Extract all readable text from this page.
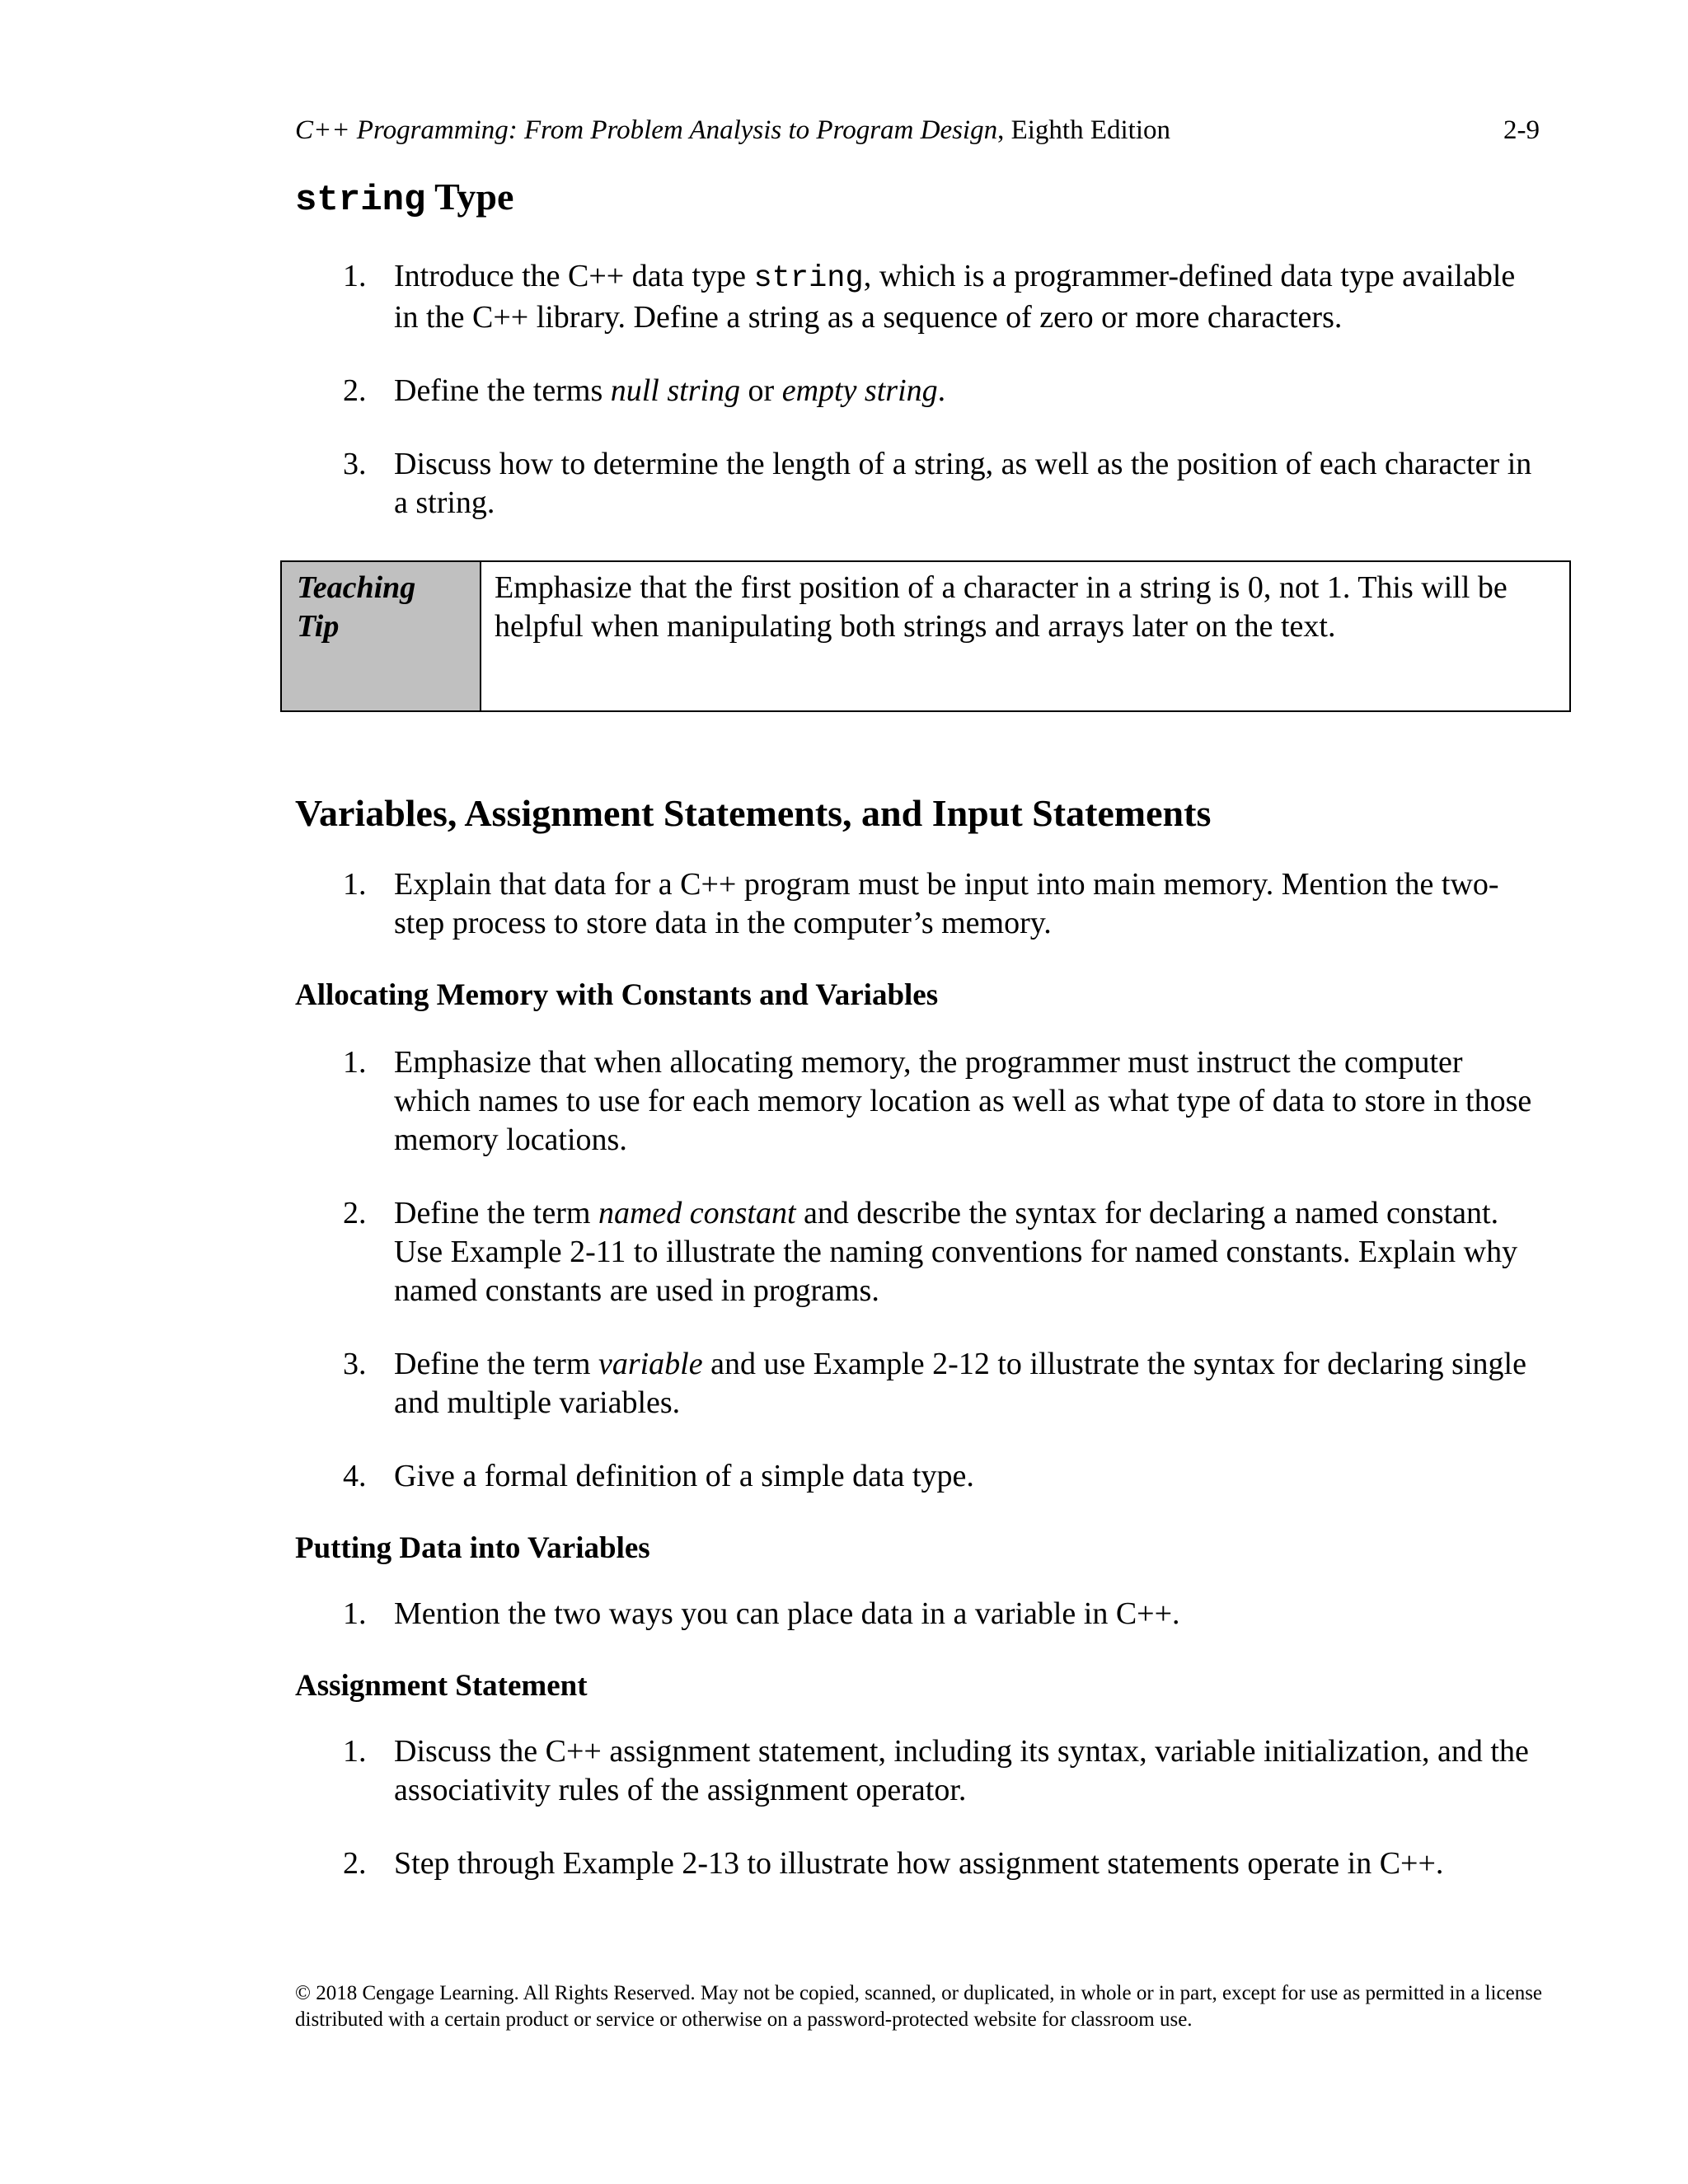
C++ Programming: From Problem Analysis to Program Design, Eighth Edition	2-9
string Type
1. Introduce the C++ data type string, which is a programmer-defined data type available in the C++ library. Define a string as a sequence of zero or more characters.
2. Define the terms null string or empty string.
3. Discuss how to determine the length of a string, as well as the position of each character in a string.
Teaching
Tip
Emphasize that the first position of a character in a string is 0, not 1. This will be helpful when manipulating both strings and arrays later on the text.
Variables, Assignment Statements, and Input Statements
1. Explain that data for a C++ program must be input into main memory. Mention the two-step process to store data in the computer’s memory.
Allocating Memory with Constants and Variables
1. Emphasize that when allocating memory, the programmer must instruct the computer which names to use for each memory location as well as what type of data to store in those memory locations.
2. Define the term named constant and describe the syntax for declaring a named constant. Use Example 2-11 to illustrate the naming conventions for named constants. Explain why named constants are used in programs.
3. Define the term variable and use Example 2-12 to illustrate the syntax for declaring single and multiple variables.
4. Give a formal definition of a simple data type.
Putting Data into Variables
1. Mention the two ways you can place data in a variable in C++.
Assignment Statement
1. Discuss the C++ assignment statement, including its syntax, variable initialization, and the associativity rules of the assignment operator.
2. Step through Example 2-13 to illustrate how assignment statements operate in C++.
© 2018 Cengage Learning. All Rights Reserved. May not be copied, scanned, or duplicated, in whole or in part, except for use as permitted in a license distributed with a certain product or service or otherwise on a password-protected website for classroom use.
